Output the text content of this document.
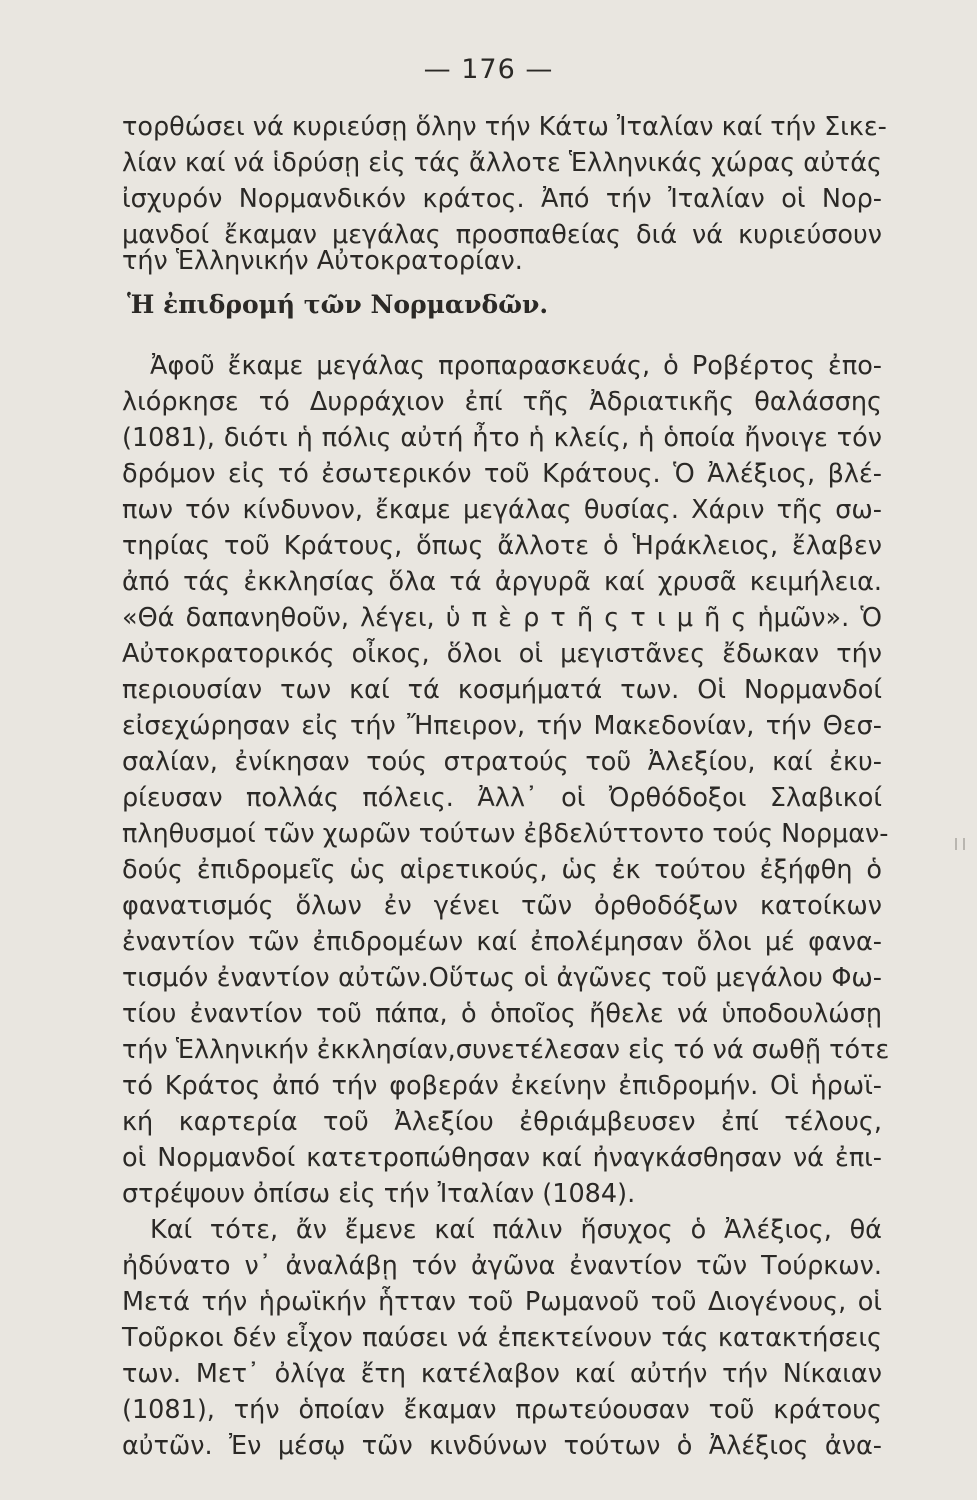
— 176 —
Ἡ ἐπιδρομή τῶν Νορμανδῶν.
τορθώσει νά κυριεύσῃ ὅλην τήν Κάτω Ἰταλίαν καί τήν Σικε-
λίαν καί νά ἱδρύσῃ εἰς τάς ἄλλοτε Ἑλληνικάς χώρας αὐτάς
ἰσχυρόν Νορμανδικόν κράτος. Ἀπό τήν Ἰταλίαν οἱ Νορ-
μανδοί ἔκαμαν μεγάλας προσπαθείας διά νά κυριεύσουν
τήν Ἑλληνικήν Αὐτοκρατορίαν.
Ἀφοῦ ἔκαμε μεγάλας προπαρασκευάς, ὁ Ροβέρτος ἐπο-
λιόρκησε τό Δυρράχιον ἐπί τῆς Ἀδριατικῆς θαλάσσης
(1081), διότι ἡ πόλις αὐτή ἦτο ἡ κλείς, ἡ ὁποία ἤνοιγε τόν
δρόμον εἰς τό ἐσωτερικόν τοῦ Κράτους. Ὁ Ἀλέξιος, βλέ-
πων τόν κίνδυνον, ἔκαμε μεγάλας θυσίας. Χάριν τῆς σω-
τηρίας τοῦ Κράτους, ὅπως ἄλλοτε ὁ Ἡράκλειος, ἔλαβεν
ἀπό τάς ἐκκλησίας ὅλα τά ἀργυρᾶ καί χρυσᾶ κειμήλεια.
«Θά δαπανηθοῦν, λέγει, ὑ π ὲ ρ τ ῆ ς τ ι μ ῆ ς ἡμῶν». Ὁ
Αὐτοκρατορικός οἶκος, ὅλοι οἱ μεγιστᾶνες ἔδωκαν τήν
περιουσίαν των καί τά κοσμήματά των. Οἱ Νορμανδοί
εἰσεχώρησαν εἰς τήν Ἤπειρον, τήν Μακεδονίαν, τήν Θεσ-
σαλίαν, ἐνίκησαν τούς στρατούς τοῦ Ἀλεξίου, καί ἐκυ-
ρίευσαν πολλάς πόλεις. Ἀλλ᾽ οἱ Ὀρθόδοξοι Σλαβικοί
πληθυσμοί τῶν χωρῶν τούτων ἐβδελύττοντο τούς Νορμαν-
δούς ἐπιδρομεῖς ὡς αἱρετικούς, ὡς ἐκ τούτου ἐξήφθη ὁ
φανατισμός ὅλων ἐν γένει τῶν ὀρθοδόξων κατοίκων
ἐναντίον τῶν ἐπιδρομέων καί ἐπολέμησαν ὅλοι μέ φανα-
τισμόν ἐναντίον αὐτῶν.Οὕτως οἱ ἀγῶνες τοῦ μεγάλου Φω-
τίου ἐναντίον τοῦ πάπα, ὁ ὁποῖος ἤθελε νά ὑποδουλώσῃ
τήν Ἑλληνικήν ἐκκλησίαν,συνετέλεσαν εἰς τό νά σωθῇ τότε
τό Κράτος ἀπό τήν φοβεράν ἐκείνην ἐπιδρομήν. Οἱ ἡρωϊ-
κή καρτερία τοῦ Ἀλεξίου ἐθριάμβευσεν ἐπί τέλους,
οἱ Νορμανδοί κατετροπώθησαν καί ἠναγκάσθησαν νά ἐπι-
στρέψουν ὀπίσω εἰς τήν Ἰταλίαν (1084).
Καί τότε, ἄν ἔμενε καί πάλιν ἥσυχος ὁ Ἀλέξιος, θά
ἠδύνατο ν᾽ ἀναλάβῃ τόν ἀγῶνα ἐναντίον τῶν Τούρκων.
Μετά τήν ἡρωϊκήν ἧτταν τοῦ Ρωμανοῦ τοῦ Διογένους, οἱ
Τοῦρκοι δέν εἶχον παύσει νά ἐπεκτείνουν τάς κατακτήσεις
των. Μετ᾽ ὀλίγα ἔτη κατέλαβον καί αὐτήν τήν Νίκαιαν
(1081), τήν ὁποίαν ἔκαμαν πρωτεύουσαν τοῦ κράτους
αὐτῶν. Ἐν μέσῳ τῶν κινδύνων τούτων ὁ Ἀλέξιος ἀνα-
